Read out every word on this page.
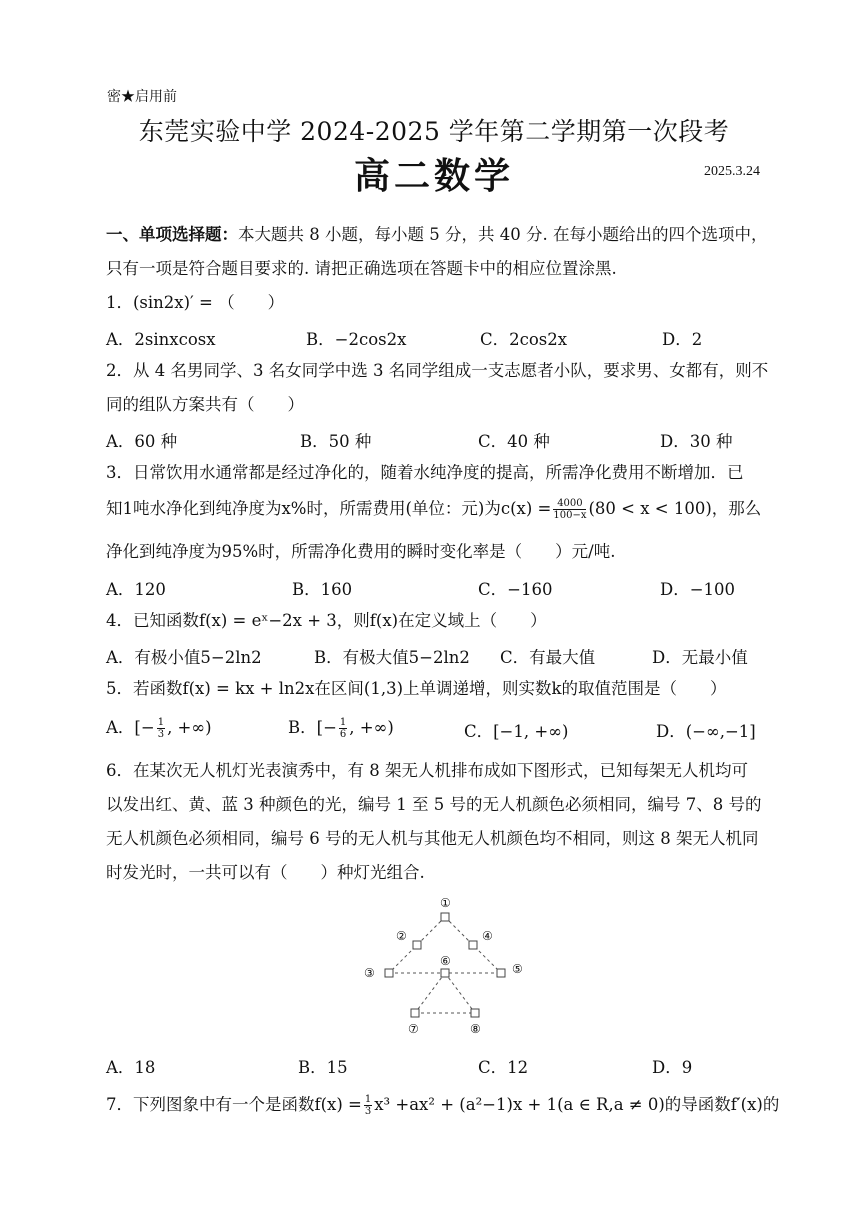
密★启用前
东莞实验中学 2024-2025 学年第二学期第一次段考
高二数学	2025.3.24
一、单项选择题：本大题共 8 小题，每小题 5 分，共 40 分. 在每小题给出的四个选项中，
只有一项是符合题目要求的. 请把正确选项在答题卡中的相应位置涂黑.
1．(sin2x)′ = （　　）
A．2sinxcosx	B．−2cos2x	C．2cos2x	D．2
2．从 4 名男同学、3 名女同学中选 3 名同学组成一支志愿者小队，要求男、女都有，则不
同的组队方案共有（　　）
A．60 种	B．50 种	C．40 种	D．30 种
3．日常饮用水通常都是经过净化的，随着水纯净度的提高，所需净化费用不断增加．已
知1吨水净化到纯净度为x%时，所需费用(单位：元)为$c(x) = \frac{4000}{100-x} (80 < x < 100)$，那么
净化到纯净度为95%时，所需净化费用的瞬时变化率是（　　）元/吨.
A．120	B．160	C．−160	D．−100
4．已知函数f(x) = eˣ−2x + 3，则f(x)在定义域上（　　）
A．有极小值5−2ln2	B．有极大值5−2ln2 C．有最大值	D．无最小值
5．若函数f(x) = kx + ln2x在区间(1,3)上单调递增，则实数k的取值范围是（　　）
A．[− $\frac{1}{3}$ , +∞)	B．[− $\frac{1}{6}$ , +∞)	C．[−1, +∞)	D．(−∞,−1]
6．在某次无人机灯光表演秀中，有 8 架无人机排布成如下图形式，已知每架无人机均可
以发出红、黄、蓝 3 种颜色的光，编号 1 至 5 号的无人机颜色必须相同，编号 7、8 号的
无人机颜色必须相同，编号 6 号的无人机与其他无人机颜色均不相同，则这 8 架无人机同
时发光时，一共可以有（　　）种灯光组合.
①
②
③
④
⑤
⑥
⑦	⑧
A．18	B．15	C．12	D．9
7．下列图象中有一个是函数$f(x) = \frac{1}{3} x^3 +ax^2 + (a^2-1)x + 1(a$ ∈ R,a ≠ 0)的导函数f′(x)的
